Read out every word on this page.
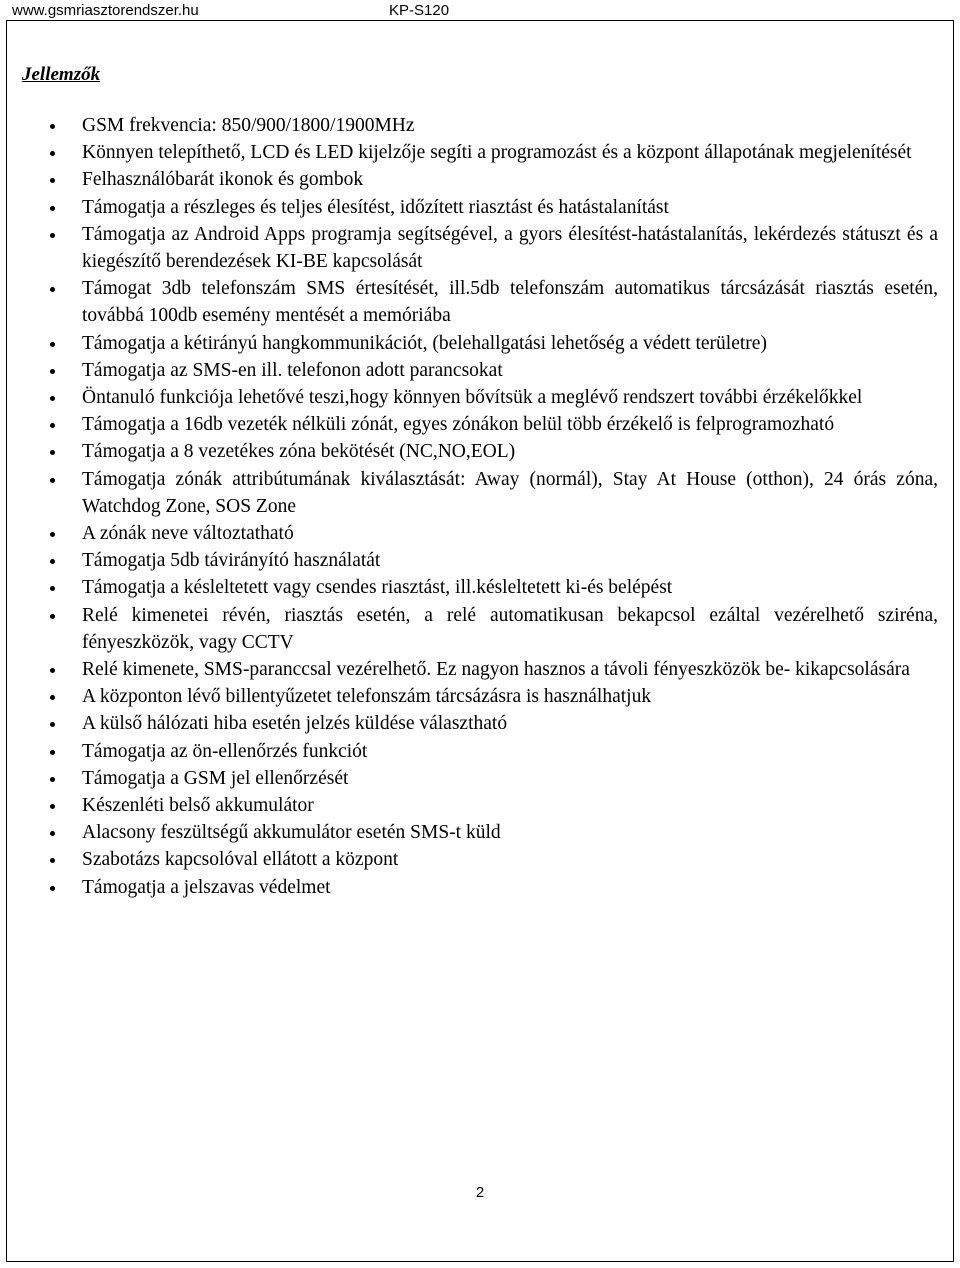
www.gsmriasztorendszer.hu	KP-S120
Jellemzők
GSM frekvencia: 850/900/1800/1900MHz
Könnyen telepíthető, LCD és LED kijelzője segíti a programozást és a központ állapotának megjelenítését
Felhasználóbarát ikonok és gombok
Támogatja a részleges és teljes élesítést, időzített riasztást és hatástalanítást
Támogatja az Android Apps programja segítségével, a gyors élesítést-hatástalanítás, lekérdezés státuszt és a kiegészítő berendezések KI-BE kapcsolását
Támogat 3db telefonszám SMS értesítését, ill.5db telefonszám automatikus tárcsázását riasztás esetén, továbbá 100db esemény mentését a memóriába
Támogatja a kétirányú hangkommunikációt, (belehallgatási lehetőség a védett területre)
Támogatja az SMS-en ill. telefonon adott parancsokat
Öntanuló funkciója lehetővé teszi,hogy könnyen bővítsük a meglévő rendszert további érzékelőkkel
Támogatja a 16db vezeték nélküli zónát, egyes zónákon belül több érzékelő is felprogramozható
Támogatja a 8 vezetékes zóna bekötését (NC,NO,EOL)
Támogatja zónák attribútumának kiválasztását: Away (normál), Stay At House (otthon), 24 órás zóna, Watchdog Zone, SOS Zone
A zónák neve változtatható
Támogatja 5db távirányító használatát
Támogatja a késleltetett vagy csendes riasztást, ill.késleltetett ki-és belépést
Relé kimenetei révén, riasztás esetén, a relé automatikusan bekapcsol ezáltal vezérelhető sziréna, fényeszközök, vagy CCTV
Relé kimenete, SMS-paranccsal vezérelhető. Ez nagyon hasznos a távoli fényeszközök be- kikapcsolására
A központon lévő billentyűzetet telefonszám tárcsázásra is használhatjuk
A külső hálózati hiba esetén jelzés küldése választható
Támogatja az ön-ellenőrzés funkciót
Támogatja a GSM jel ellenőrzését
Készenléti belső akkumulátor
Alacsony feszültségű akkumulátor esetén SMS-t küld
Szabotázs kapcsolóval ellátott a központ
Támogatja a jelszavas védelmet
2
